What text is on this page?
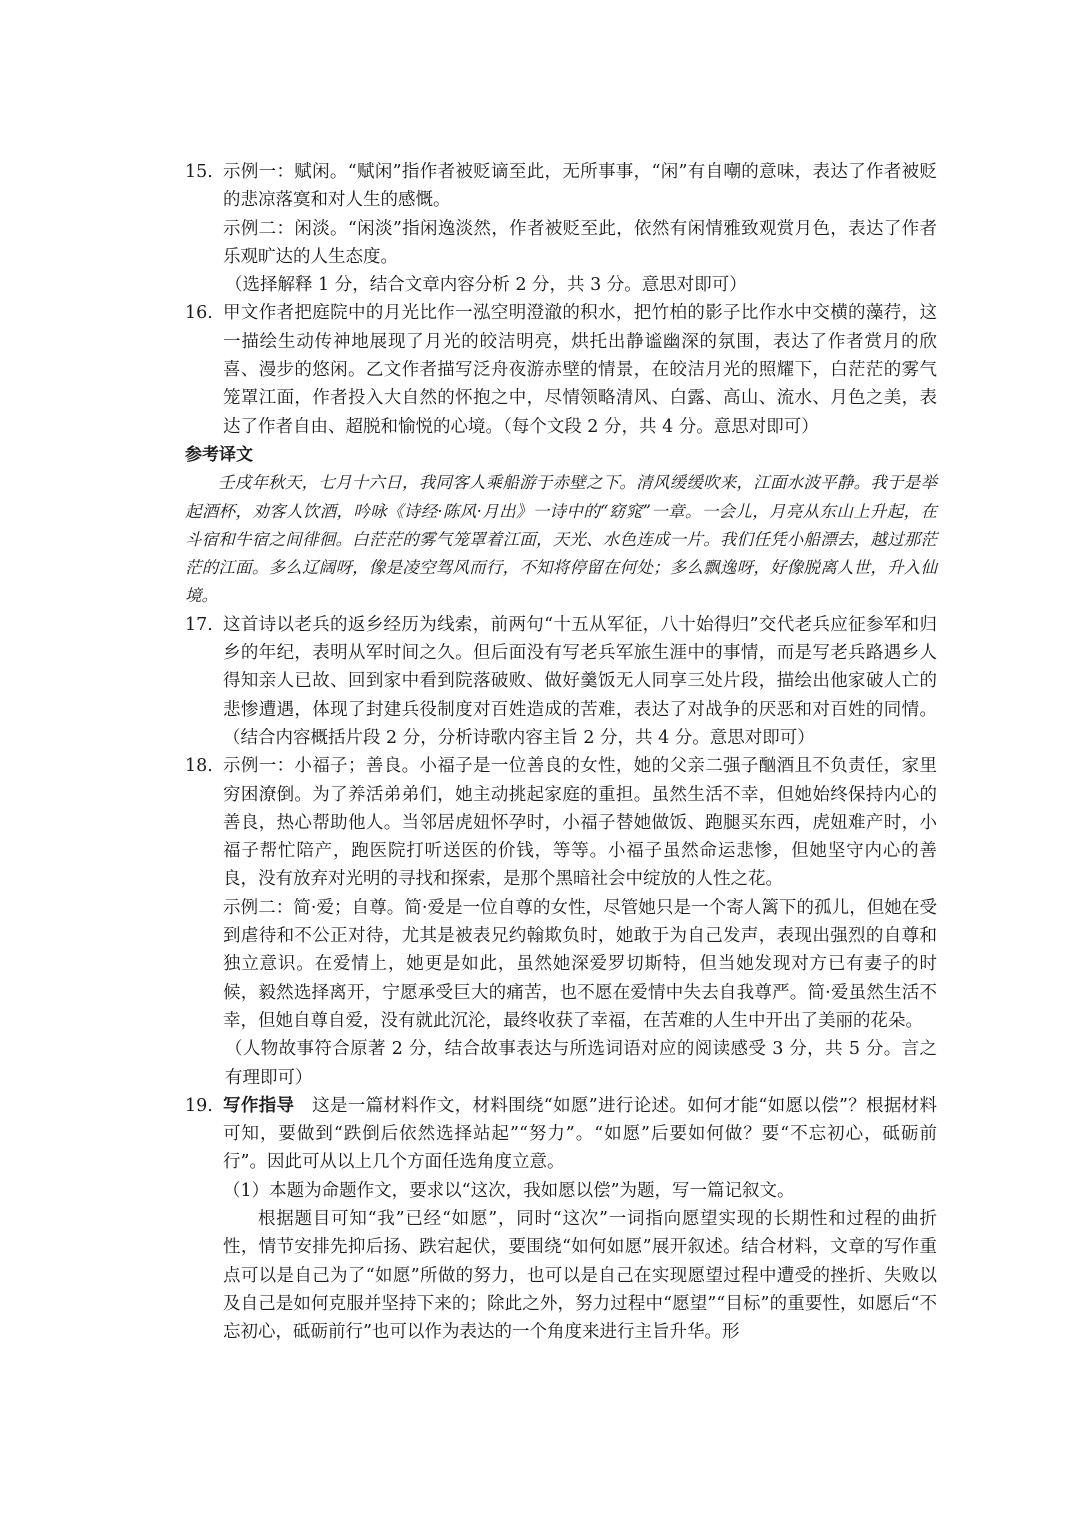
15. 示例一：赋闲。“赋闲”指作者被贬谪至此，无所事事，“闲”有自嘲的意味，表达了作者被贬的悲凉落寞和对人生的感慨。
示例二：闲淡。“闲淡”指闲逸淡然，作者被贬至此，依然有闲情雅致观赏月色，表达了作者乐观旷达的人生态度。
（选择解释 1 分，结合文章内容分析 2 分，共 3 分。意思对即可）
16. 甲文作者把庭院中的月光比作一泓空明澄澈的积水，把竹柏的影子比作水中交横的藻荇，这一描绘生动传神地展现了月光的皎洁明亮，烘托出静谧幽深的氛围，表达了作者赏月的欣喜、漫步的悠闲。乙文作者描写泛舟夜游赤壁的情景，在皎洁月光的照耀下，白茫茫的雾气笼罩江面，作者投入大自然的怀抱之中，尽情领略清风、白露、高山、流水、月色之美，表达了作者自由、超脱和愉悦的心境。（每个文段 2 分，共 4 分。意思对即可）
参考译文
壬戌年秋天，七月十六日，我同客人乘船游于赤壁之下。清风缓缓吹来，江面水波平静。我于是举起酒杯，劝客人饮酒，吟咏《诗经·陈风·月出》一诗中的“窈窕”一章。一会儿，月亮从东山上升起，在斗宿和牛宿之间徘徊。白茫茫的雾气笼罩着江面，天光、水色连成一片。我们任凭小船漂去，越过那茫茫的江面。多么辽阔呀，像是凌空驾风而行，不知将停留在何处；多么飘逸呀，好像脱离人世，升入仙境。
17. 这首诗以老兵的返乡经历为线索，前两句“十五从军征，八十始得归”交代老兵应征参军和归乡的年纪，表明从军时间之久。但后面没有写老兵军旅生涯中的事情，而是写老兵路遇乡人得知亲人已故、回到家中看到院落破败、做好羹饭无人同享三处片段，描绘出他家破人亡的悲惨遭遇，体现了封建兵役制度对百姓造成的苦难，表达了对战争的厌恶和对百姓的同情。（结合内容概括片段 2 分，分析诗歌内容主旨 2 分，共 4 分。意思对即可）
18. 示例一：小福子；善良。小福子是一位善良的女性，她的父亲二强子酗酒且不负责任，家里穷困潦倒。为了养活弟弟们，她主动挑起家庭的重担。虽然生活不幸，但她始终保持内心的善良，热心帮助他人。当邻居虎妞怀孕时，小福子替她做饭、跑腿买东西，虎妞难产时，小福子帮忙陪产，跑医院打听送医的价钱，等等。小福子虽然命运悲惨，但她坚守内心的善良，没有放弃对光明的寻找和探索，是那个黑暗社会中绽放的人性之花。
示例二：简·爱；自尊。简·爱是一位自尊的女性，尽管她只是一个寄人篱下的孤儿，但她在受到虐待和不公正对待，尤其是被表兄约翰欺负时，她敢于为自己发声，表现出强烈的自尊和独立意识。在爱情上，她更是如此，虽然她深爱罗切斯特，但当她发现对方已有妻子的时候，毅然选择离开，宁愿承受巨大的痛苦，也不愿在爱情中失去自我尊严。简·爱虽然生活不幸，但她自尊自爱，没有就此沉沦，最终收获了幸福，在苦难的人生中开出了美丽的花朵。
（人物故事符合原著 2 分，结合故事表达与所选词语对应的阅读感受 3 分，共 5 分。言之有理即可）
19. 写作指导　 这是一篇材料作文，材料围绕“如愿”进行论述。如何才能“如愿以偿”？根据材料可知，要做到“跌倒后依然选择站起”“努力”。“如愿”后要如何做？要“不忘初心，砥砺前行”。因此可从以上几个方面任选角度立意。
（1）本题为命题作文，要求以“这次，我如愿以偿”为题，写一篇记叙文。
根据题目可知“我”已经“如愿”，同时“这次”一词指向愿望实现的长期性和过程的曲折性，情节安排先抑后扬、跌宕起伏，要围绕“如何如愿”展开叙述。结合材料，文章的写作重点可以是自己为了“如愿”所做的努力，也可以是自己在实现愿望过程中遭受的挫折、失败以及自己是如何克服并坚持下来的；除此之外，努力过程中“愿望”“目标”的重要性，如愿后“不忘初心，砥砺前行”也可以作为表达的一个角度来进行主旨升华。形
